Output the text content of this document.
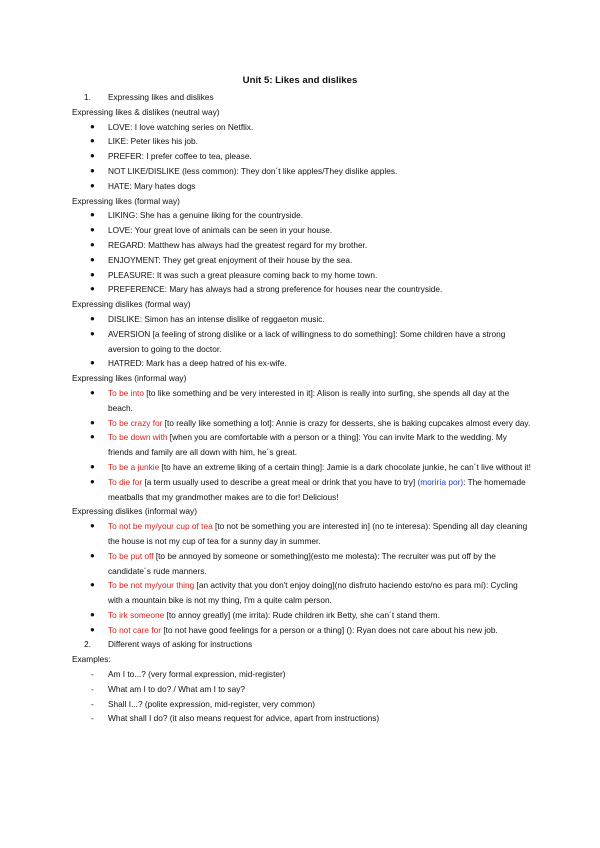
Unit 5: Likes and dislikes
1. Expressing likes and dislikes
Expressing likes & dislikes (neutral way)
● LOVE: I love watching series on Netflix.
● LIKE: Peter likes his job.
● PREFER: I prefer coffee to tea, please.
● NOT LIKE/DISLIKE (less common): They don´t like apples/They dislike apples.
● HATE: Mary hates dogs
Expressing likes (formal way)
● LIKING: She has a genuine liking for the countryside.
● LOVE: Your great love of animals can be seen in your house.
● REGARD: Matthew has always had the greatest regard for my brother.
● ENJOYMENT: They get great enjoyment of their house by the sea.
● PLEASURE: It was such a great pleasure coming back to my home town.
● PREFERENCE: Mary has always had a strong preference for houses near the countryside.
Expressing dislikes (formal way)
● DISLIKE: Simon has an intense dislike of reggaeton music.
● AVERSION [a feeling of strong dislike or a lack of willingness to do something]: Some children have a strong aversion to going to the doctor.
● HATRED: Mark has a deep hatred of his ex-wife.
Expressing likes (informal way)
● To be into [to like something and be very interested in it]: Alison is really into surfing, she spends all day at the beach.
● To be crazy for [to really like something a lot]: Annie is crazy for desserts, she is baking cupcakes almost every day.
● To be down with [when you are comfortable with a person or a thing]: You can invite Mark to the wedding. My friends and family are all down with him, he´s great.
● To be a junkie [to have an extreme liking of a certain thing]: Jamie is a dark chocolate junkie, he can´t live without it!
● To die for [a term usually used to describe a great meal or drink that you have to try] (moriría por): The homemade meatballs that my grandmother makes are to die for! Delicious!
Expressing dislikes (informal way)
● To not be my/your cup of tea [to not be something you are interested in] (no te interesa): Spending all day cleaning the house is not my cup of tea for a sunny day in summer.
● To be put off [to be annoyed by someone or something](esto me molesta): The recruiter was put off by the candidate´s rude manners.
● To be not my/your thing [an activity that you don't enjoy doing](no disfruto haciendo esto/no es para mí): Cycling with a mountain bike is not my thing, I'm a quite calm person.
● To irk someone [to annoy greatly] (me irrita): Rude children irk Betty, she can´t stand them.
● To not care for [to not have good feelings for a person or a thing] (): Ryan does not care about his new job.
2. Different ways of asking for instructions
Examples:
- Am I to...? (very formal expression, mid-register)
- What am I to do? / What am I to say?
- Shall I...? (polite expression, mid-register, very common)
- What shall I do? (it also means request for advice, apart from instructions)
